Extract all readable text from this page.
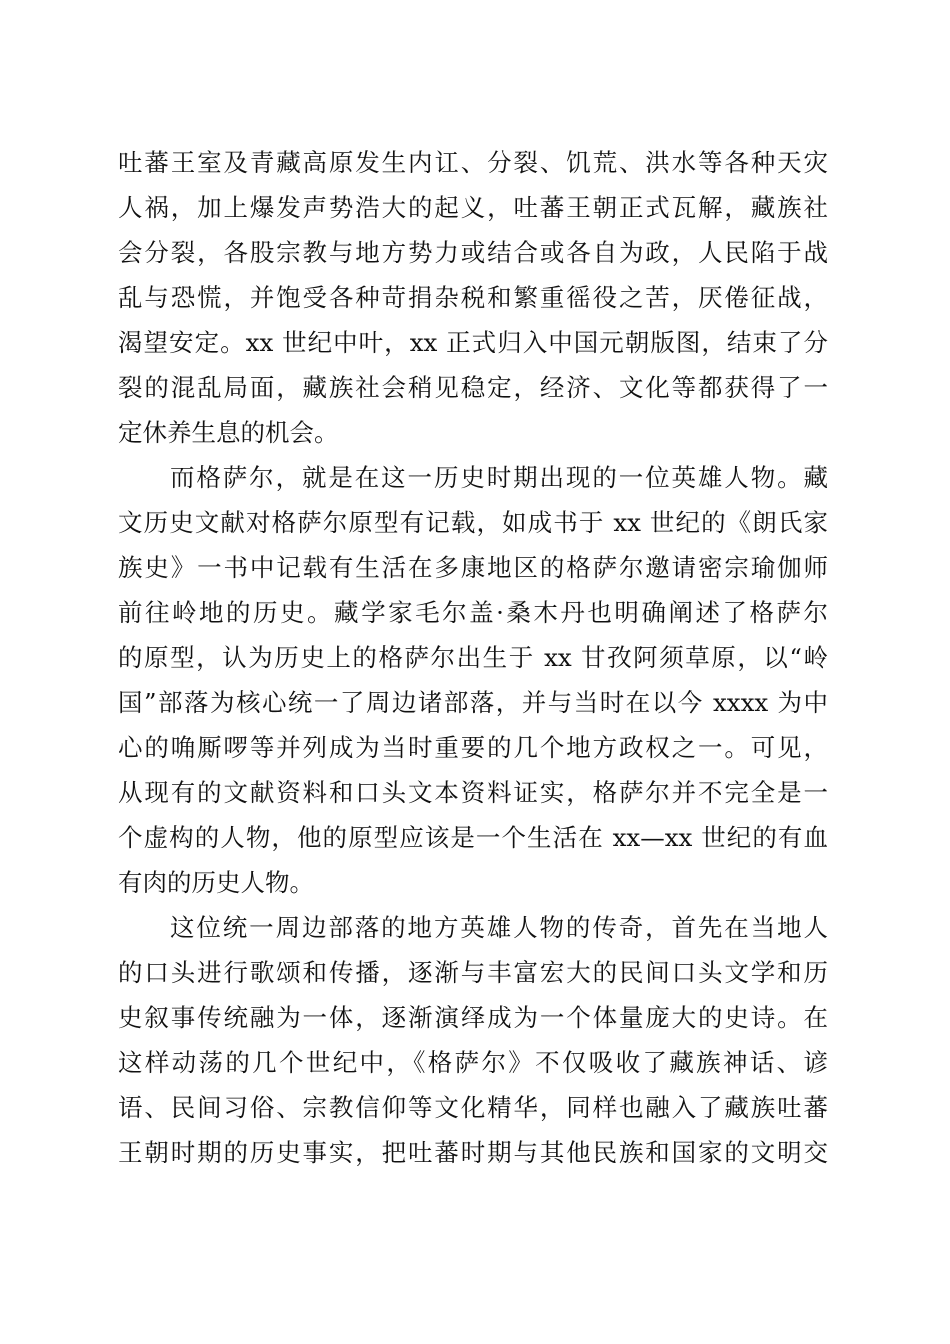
吐蕃王室及青藏高原发生内讧、分裂、饥荒、洪水等各种天灾
人祸，加上爆发声势浩大的起义，吐蕃王朝正式瓦解，藏族社
会分裂，各股宗教与地方势力或结合或各自为政，人民陷于战
乱与恐慌，并饱受各种苛捐杂税和繁重徭役之苦，厌倦征战，
渴望安定。xx 世纪中叶，xx 正式归入中国元朝版图，结束了分
裂的混乱局面，藏族社会稍见稳定，经济、文化等都获得了一
定休养生息的机会。
而格萨尔，就是在这一历史时期出现的一位英雄人物。藏
文历史文献对格萨尔原型有记载，如成书于 xx 世纪的《朗氏家
族史》一书中记载有生活在多康地区的格萨尔邀请密宗瑜伽师
前往岭地的历史。藏学家毛尔盖·桑木丹也明确阐述了格萨尔
的原型，认为历史上的格萨尔出生于 xx 甘孜阿须草原，以“岭
国”部落为核心统一了周边诸部落，并与当时在以今 xxxx 为中
心的唃厮啰等并列成为当时重要的几个地方政权之一。可见，
从现有的文献资料和口头文本资料证实，格萨尔并不完全是一
个虚构的人物，他的原型应该是一个生活在 xx—xx 世纪的有血
有肉的历史人物。
这位统一周边部落的地方英雄人物的传奇，首先在当地人
的口头进行歌颂和传播，逐渐与丰富宏大的民间口头文学和历
史叙事传统融为一体，逐渐演绎成为一个体量庞大的史诗。在
这样动荡的几个世纪中，《格萨尔》不仅吸收了藏族神话、谚
语、民间习俗、宗教信仰等文化精华，同样也融入了藏族吐蕃
王朝时期的历史事实，把吐蕃时期与其他民族和国家的文明交
